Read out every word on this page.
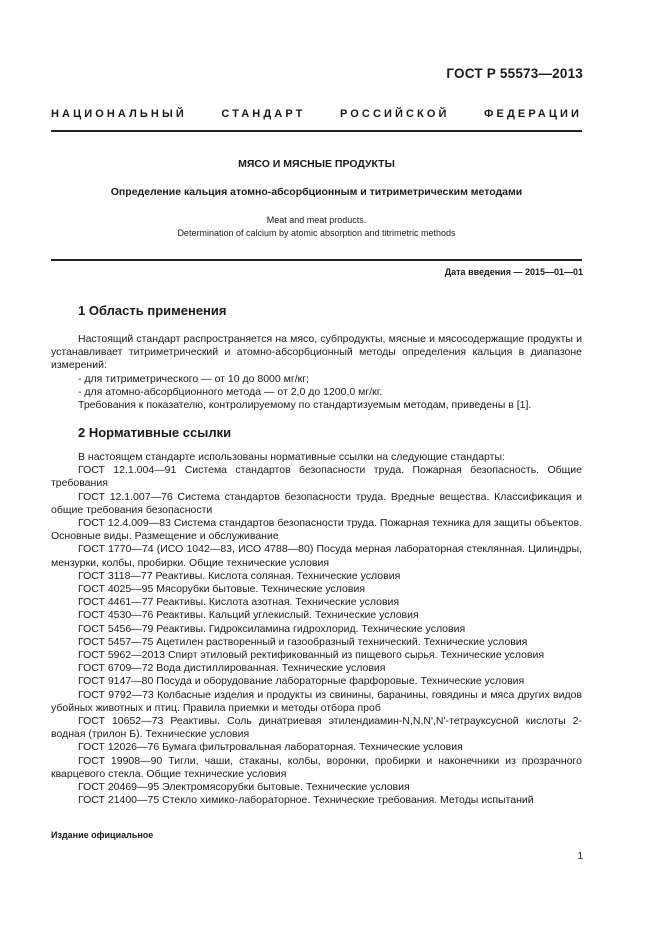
ГОСТ Р 55573—2013
НАЦИОНАЛЬНЫЙ СТАНДАРТ РОССИЙСКОЙ ФЕДЕРАЦИИ
МЯСО И МЯСНЫЕ ПРОДУКТЫ
Определение кальция атомно-абсорбционным и титриметрическим методами
Meat and meat products.
Determination of calcium by atomic absorption and titrimetric methods
Дата введения — 2015—01—01
1 Область применения

Настоящий стандарт распространяется на мясо, субпродукты, мясные и мясосодержащие продукты и устанавливает титриметрический и атомно-абсорбционный методы определения кальция в диапазоне измерений:

- для титриметрического — от 10 до 8000 мг/кг;

- для атомно-абсорбционного метода — от 2,0 до 1200,0 мг/кг.

Требования к показателю, контролируемому по стандартизуемым методам, приведены в [1].

2 Нормативные ссылки

В настоящем стандарте использованы нормативные ссылки на следующие стандарты:

ГОСТ 12.1.004—91 Система стандартов безопасности труда. Пожарная безопасность. Общие требования

ГОСТ 12.1.007—76 Система стандартов безопасности труда. Вредные вещества. Классификация и общие требования безопасности

ГОСТ 12.4.009—83 Система стандартов безопасности труда. Пожарная техника для защиты объектов. Основные виды. Размещение и обслуживание

ГОСТ 1770—74 (ИСО 1042—83, ИСО 4788—80) Посуда мерная лабораторная стеклянная. Цилиндры, мензурки, колбы, пробирки. Общие технические условия

ГОСТ 3118—77 Реактивы. Кислота соляная. Технические условия

ГОСТ 4025—95 Мясорубки бытовые. Технические условия

ГОСТ 4461—77 Реактивы. Кислота азотная. Технические условия

ГОСТ 4530—76 Реактивы. Кальций углекислый. Технические условия

ГОСТ 5456—79 Реактивы. Гидроксиламина гидрохлорид. Технические условия

ГОСТ 5457—75 Ацетилен растворенный и газообразный технический. Технические условия

ГОСТ 5962—2013 Спирт этиловый ректификованный из пищевого сырья. Технические условия

ГОСТ 6709—72 Вода дистиллированная. Технические условия

ГОСТ 9147—80 Посуда и оборудование лабораторные фарфоровые. Технические условия

ГОСТ 9792—73 Колбасные изделия и продукты из свинины, баранины, говядины и мяса других видов убойных животных и птиц. Правила приемки и методы отбора проб

ГОСТ 10652—73 Реактивы. Соль динатриевая этилендиамин-N,N,N',N'-тетрауксусной кислоты 2-водная (трилон Б). Технические условия

ГОСТ 12026—76 Бумага фильтровальная лабораторная. Технические условия

ГОСТ 19908—90 Тигли, чаши, стаканы, колбы, воронки, пробирки и наконечники из прозрачного кварцевого стекла. Общие технические условия

ГОСТ 20469—95 Электромясорубки бытовые. Технические условия

ГОСТ 21400—75 Стекло химико-лабораторное. Технические требования. Методы испытаний

Издание официальное
1
